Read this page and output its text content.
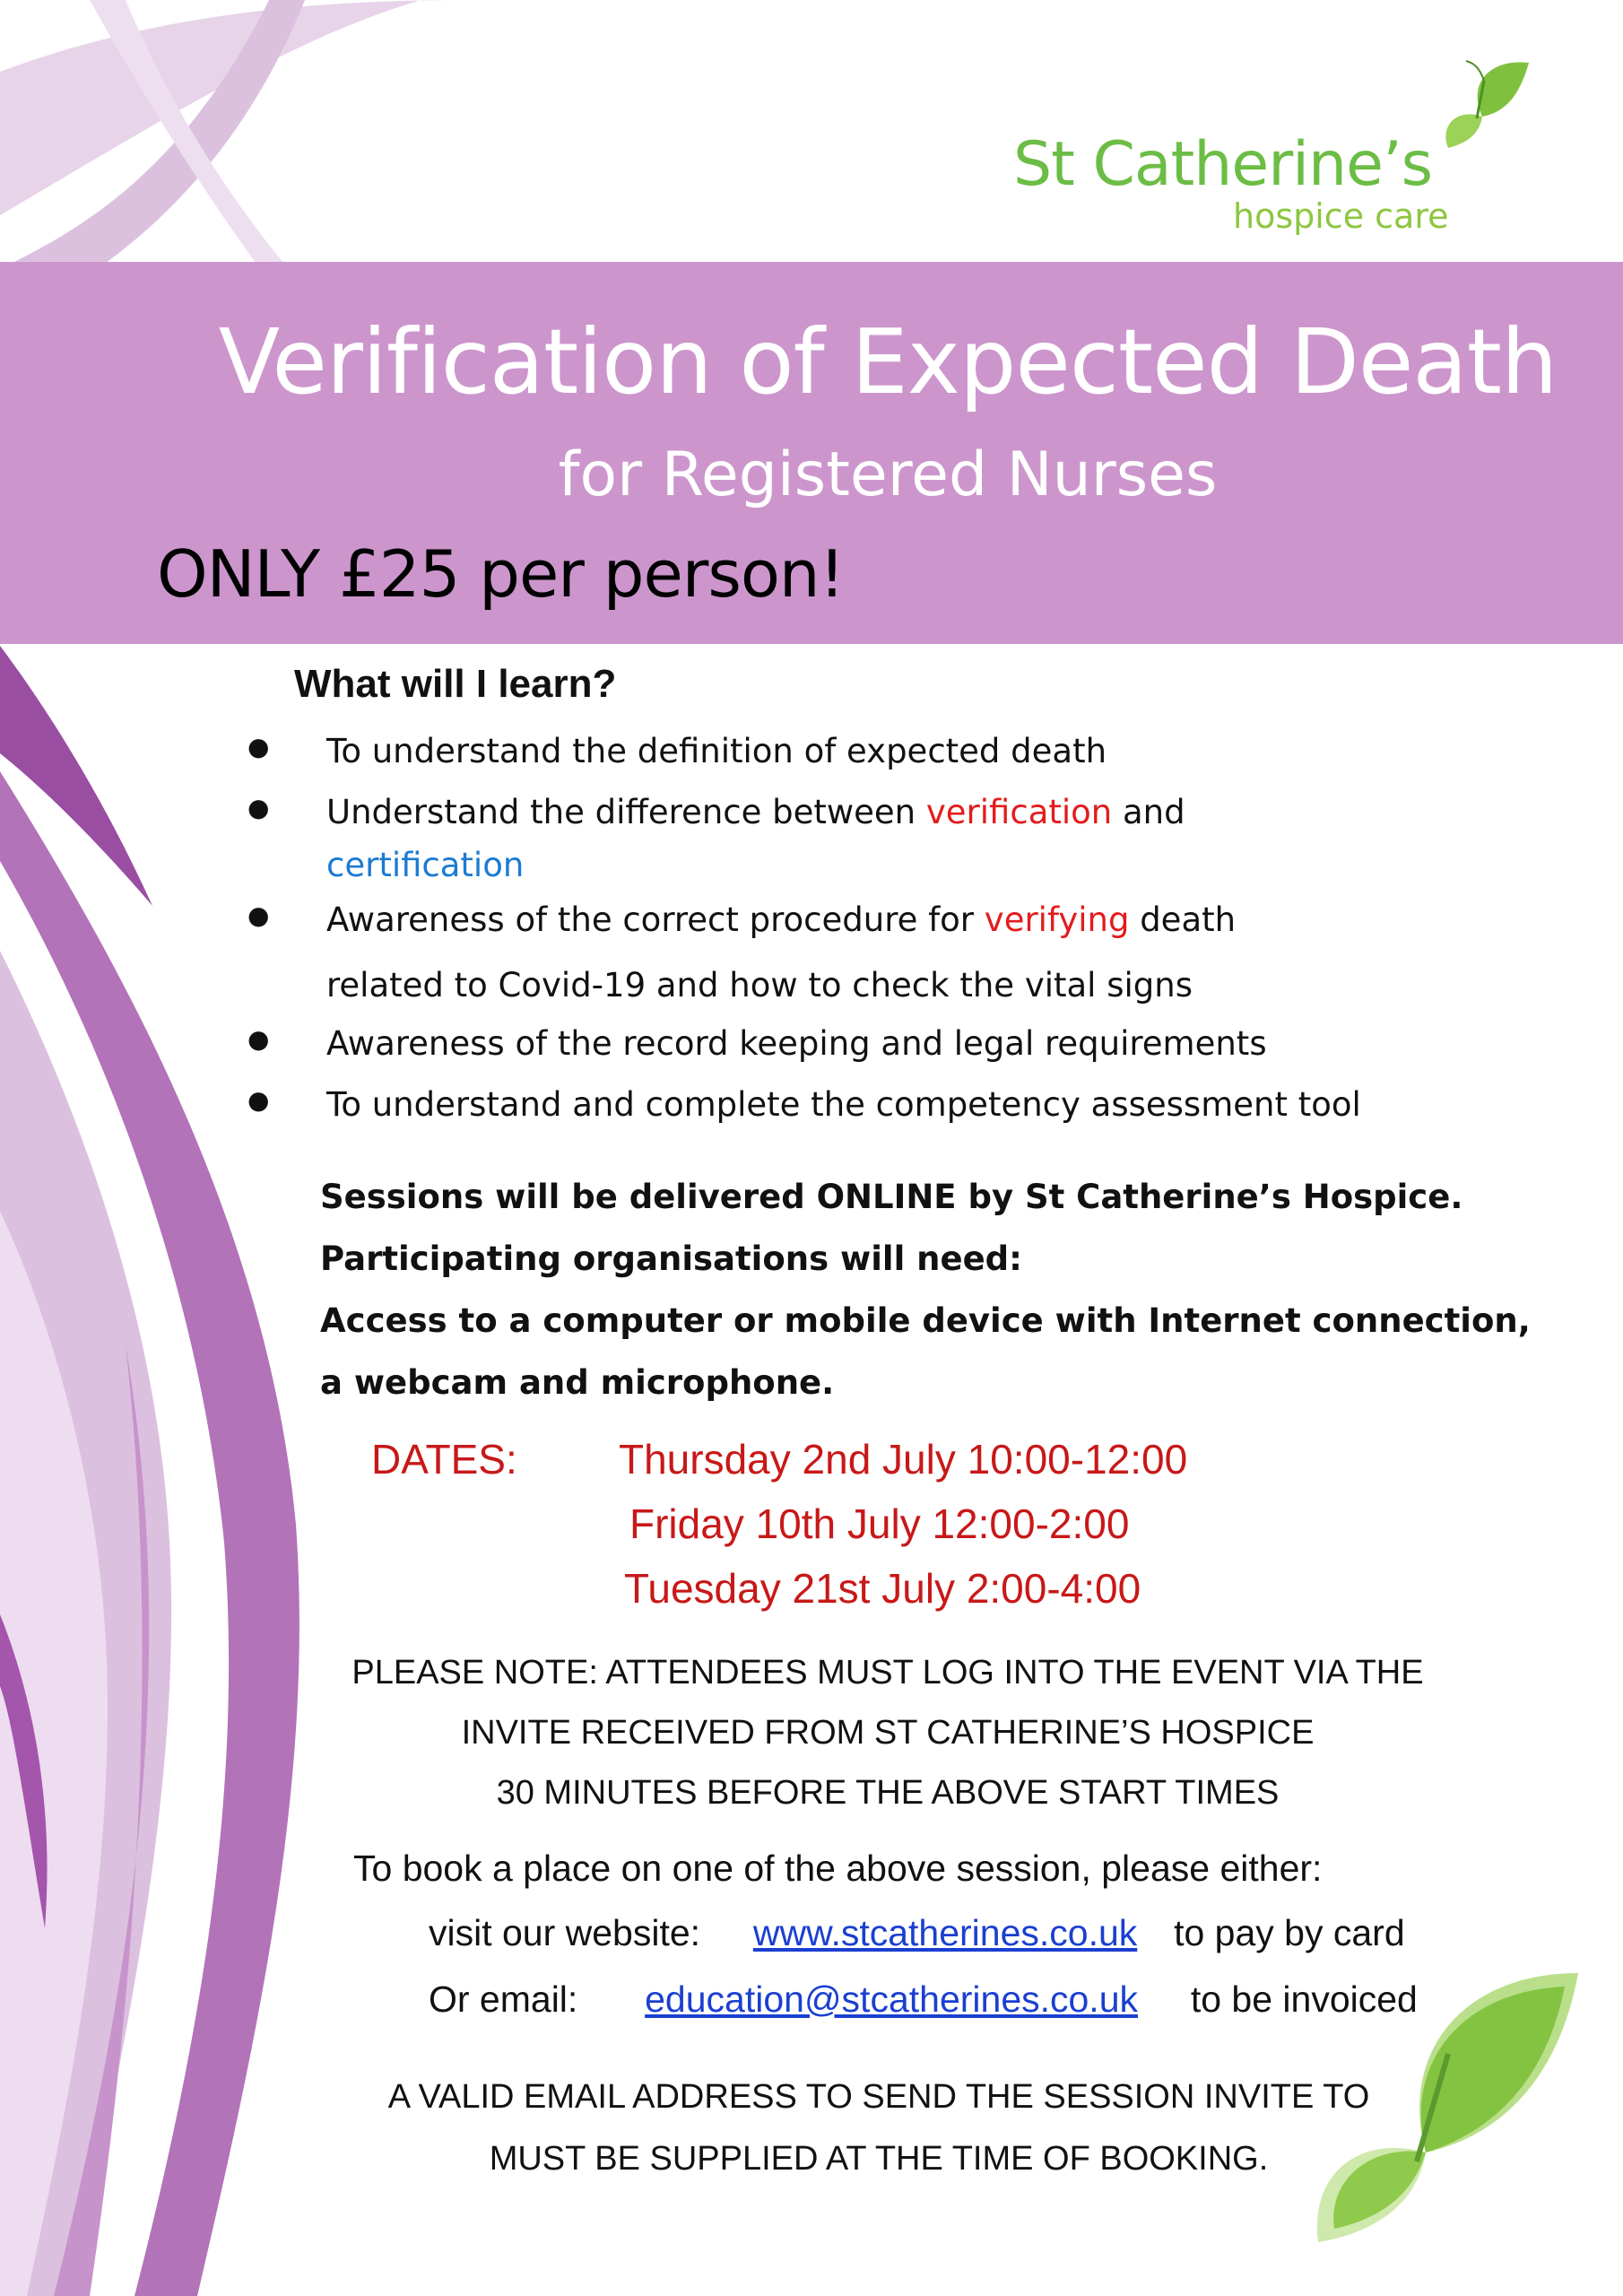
St Catherine’s
hospice care
Verification of Expected Death
for Registered Nurses
ONLY £25 per person!
What will I learn?
● To understand the definition of expected death
● Understand the difference between verification and
certification
● Awareness of the correct procedure for verifying death
related to Covid-19 and how to check the vital signs
● Awareness of the record keeping and legal requirements
● To understand and complete the competency assessment tool
Sessions will be delivered ONLINE by St Catherine’s Hospice.
Participating organisations will need:
Access to a computer or mobile device with Internet connection,
a webcam and microphone.
DATES: Thursday 2nd July 10:00-12:00
Friday 10th July 12:00-2:00
Tuesday 21st July 2:00-4:00
PLEASE NOTE: ATTENDEES MUST LOG INTO THE EVENT VIA THE
INVITE RECEIVED FROM ST CATHERINE’S HOSPICE
30 MINUTES BEFORE THE ABOVE START TIMES
To book a place on one of the above session, please either:
visit our website: www.stcatherines.co.uk to pay by card
Or email: education@stcatherines.co.uk to be invoiced
A VALID EMAIL ADDRESS TO SEND THE SESSION INVITE TO
MUST BE SUPPLIED AT THE TIME OF BOOKING.
